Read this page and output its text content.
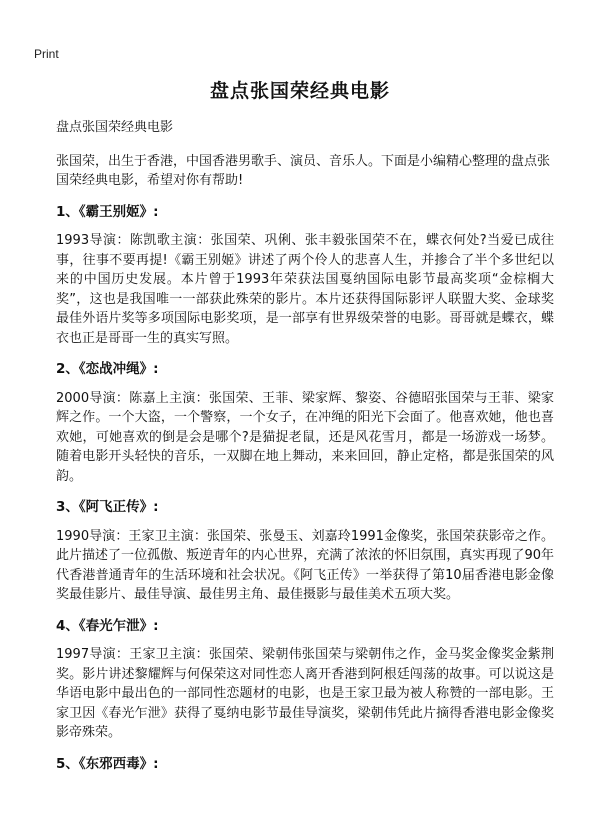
Print
盘点张国荣经典电影

盘点张国荣经典电影

张国荣，出生于香港，中国香港男歌手、演员、音乐人。下面是小编精心整理的盘点张国荣经典电影，希望对你有帮助!

1、《霸王别姬》:

1993导演：陈凯歌主演：张国荣、巩俐、张丰毅张国荣不在，蝶衣何处?当爱已成往事，往事不要再提!《霸王别姬》讲述了两个伶人的悲喜人生，并掺合了半个多世纪以来的中国历史发展。本片曾于1993年荣获法国戛纳国际电影节最高奖项“金棕榈大奖”，这也是我国唯一一部获此殊荣的影片。本片还获得国际影评人联盟大奖、金球奖最佳外语片奖等多项国际电影奖项，是一部享有世界级荣誉的电影。哥哥就是蝶衣，蝶衣也正是哥哥一生的真实写照。

2、《恋战冲绳》:

2000导演：陈嘉上主演：张国荣、王菲、梁家辉、黎姿、谷德昭张国荣与王菲、梁家辉之作。一个大盗，一个警察，一个女子，在冲绳的阳光下会面了。他喜欢她，他也喜欢她，可她喜欢的倒是会是哪个?是猫捉老鼠，还是风花雪月，都是一场游戏一场梦。随着电影开头轻快的音乐，一双脚在地上舞动，来来回回，静止定格，都是张国荣的风韵。

3、《阿飞正传》:

1990导演：王家卫主演：张国荣、张曼玉、刘嘉玲1991金像奖，张国荣获影帝之作。此片描述了一位孤傲、叛逆青年的内心世界，充满了浓浓的怀旧氛围，真实再现了90年代香港普通青年的生活环境和社会状况。《阿飞正传》一举获得了第10届香港电影金像奖最佳影片、最佳导演、最佳男主角、最佳摄影与最佳美术五项大奖。

4、《春光乍泄》:

1997导演：王家卫主演：张国荣、梁朝伟张国荣与梁朝伟之作，金马奖金像奖金紫荆奖。影片讲述黎耀辉与何保荣这对同性恋人离开香港到阿根廷闯荡的故事。可以说这是华语电影中最出色的一部同性恋题材的电影，也是王家卫最为被人称赞的一部电影。王家卫因《春光乍泄》获得了戛纳电影节最佳导演奖，梁朝伟凭此片摘得香港电影金像奖影帝殊荣。

5、《东邪西毒》:
